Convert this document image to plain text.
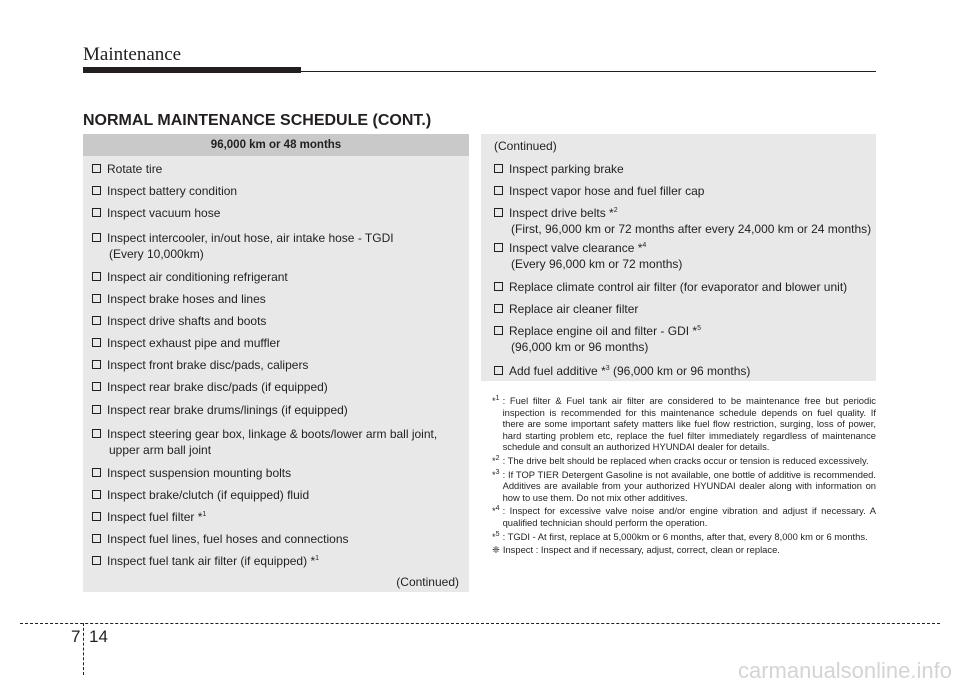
Maintenance
NORMAL MAINTENANCE SCHEDULE (CONT.)
96,000 km or 48 months
Rotate tire
Inspect battery condition
Inspect vacuum hose
Inspect intercooler, in/out hose, air intake hose - TGDI
(Every 10,000km)
Inspect air conditioning refrigerant
Inspect brake hoses and lines
Inspect drive shafts and boots
Inspect exhaust pipe and muffler
Inspect front brake disc/pads, calipers
Inspect rear brake disc/pads (if equipped)
Inspect rear brake drums/linings (if equipped)
Inspect steering gear box, linkage & boots/lower arm ball joint,
upper arm ball joint
Inspect suspension mounting bolts
Inspect brake/clutch (if equipped) fluid
Inspect fuel filter *$^1$
Inspect fuel lines, fuel hoses and connections
Inspect fuel tank air filter (if equipped) *$^1$
(Continued)
(Continued)
Inspect parking brake
Inspect vapor hose and fuel filler cap
Inspect drive belts *$^2$
(First, 96,000 km or 72 months after every 24,000 km or 24 months)
Inspect valve clearance *$^4$
(Every 96,000 km or 72 months)
Replace climate control air filter (for evaporator and blower unit)
Replace air cleaner filter
Replace engine oil and filter - GDI *$^5$
(96,000 km or 96 months)
Add fuel additive *$^3$ (96,000 km or 96 months)
*$^1$ : Fuel filter & Fuel tank air filter are considered to be maintenance free but periodic inspection is recommended for this maintenance schedule depends on fuel quality. If there are some important safety matters like fuel flow restriction, surging, loss of power, hard starting problem etc, replace the fuel filter immediately regardless of maintenance schedule and consult an authorized HYUNDAI dealer for details.
*$^2$ : The drive belt should be replaced when cracks occur or tension is reduced excessively.
*$^3$ : If TOP TIER Detergent Gasoline is not available, one bottle of additive is recommended. Additives are available from your authorized HYUNDAI dealer along with information on how to use them. Do not mix other additives.
*$^4$ : Inspect for excessive valve noise and/or engine vibration and adjust if necessary. A qualified technician should perform the operation.
*$^5$ : TGDI - At first, replace at 5,000km or 6 months, after that, every 8,000 km or 6 months.
❈ Inspect : Inspect and if necessary, adjust, correct, clean or replace.
7 14
carmanualsonline.info
